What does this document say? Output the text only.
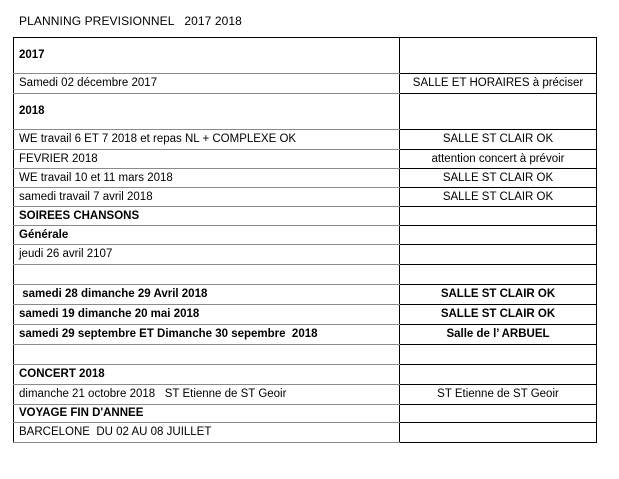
PLANNING PREVISIONNEL   2017 2018
2017	
Samedi 02 décembre 2017	SALLE ET HORAIRES à préciser
2018	
WE travail 6 ET 7 2018 et repas NL + COMPLEXE OK	SALLE ST CLAIR OK
FEVRIER 2018	attention concert à prévoir
WE travail 10 et 11 mars 2018	SALLE ST CLAIR OK
samedi travail 7 avril 2018	SALLE ST CLAIR OK
SOIREES CHANSONS	
Générale	
jeudi 26 avril 2107	

samedi 28 dimanche 29 Avril 2018	SALLE ST CLAIR OK
samedi 19 dimanche 20 mai 2018	SALLE ST CLAIR OK
samedi 29 septembre ET Dimanche 30 sepembre  2018	Salle de l’ ARBUEL

CONCERT 2018	
dimanche 21 octobre 2018   ST Etienne de ST Geoir	ST Etienne de ST Geoir
VOYAGE FIN D'ANNEE	
BARCELONE  DU 02 AU 08 JUILLET	
